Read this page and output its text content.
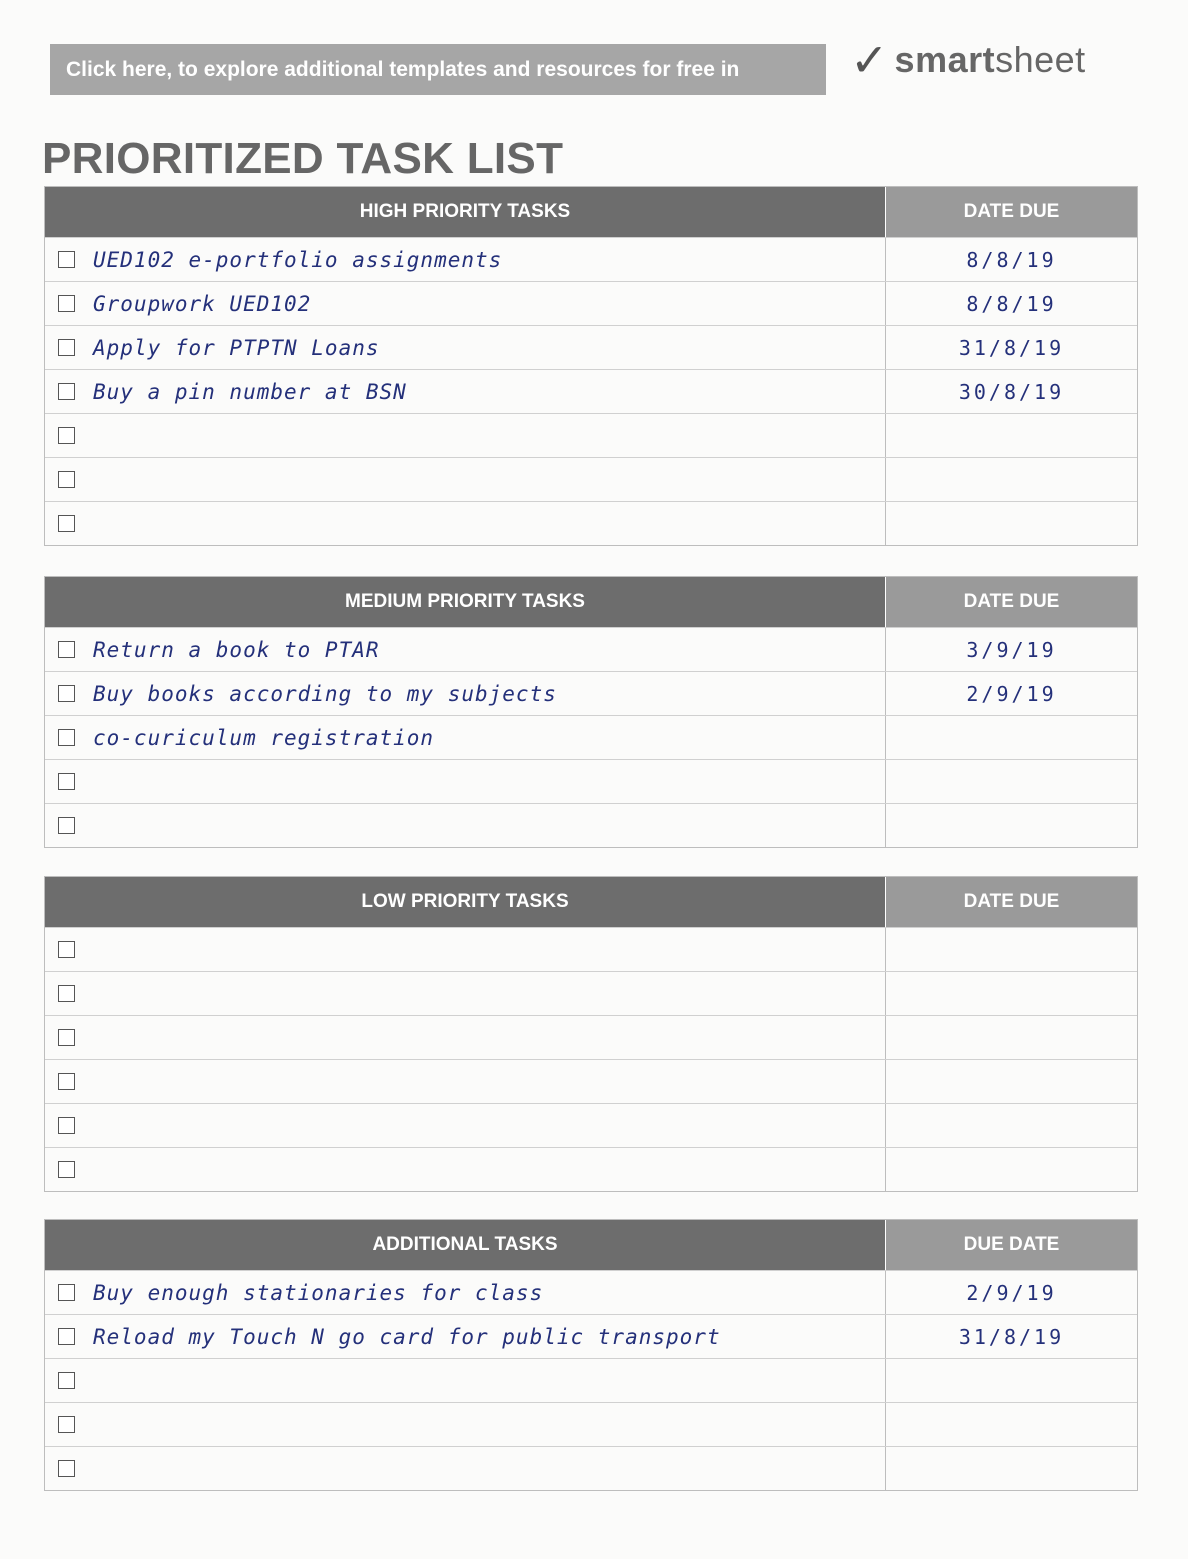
Click here, to explore additional templates and resources for free in ✓ smartsheet
PRIORITIZED TASK LIST
HIGH PRIORITY TASKS	DATE DUE
UED102 e-portfolio assignments	8/8/19
Groupwork UED102	8/8/19
Apply for PTPTN Loans	31/8/19
Buy a pin number at BSN	30/8/19
MEDIUM PRIORITY TASKS	DATE DUE
Return a book to PTAR	3/9/19
Buy books according to my subjects	2/9/19
co-curiculum registration
LOW PRIORITY TASKS	DATE DUE
ADDITIONAL TASKS	DUE DATE
Buy enough stationaries for class	2/9/19
Reload my Touch N go card for public transport	31/8/19
